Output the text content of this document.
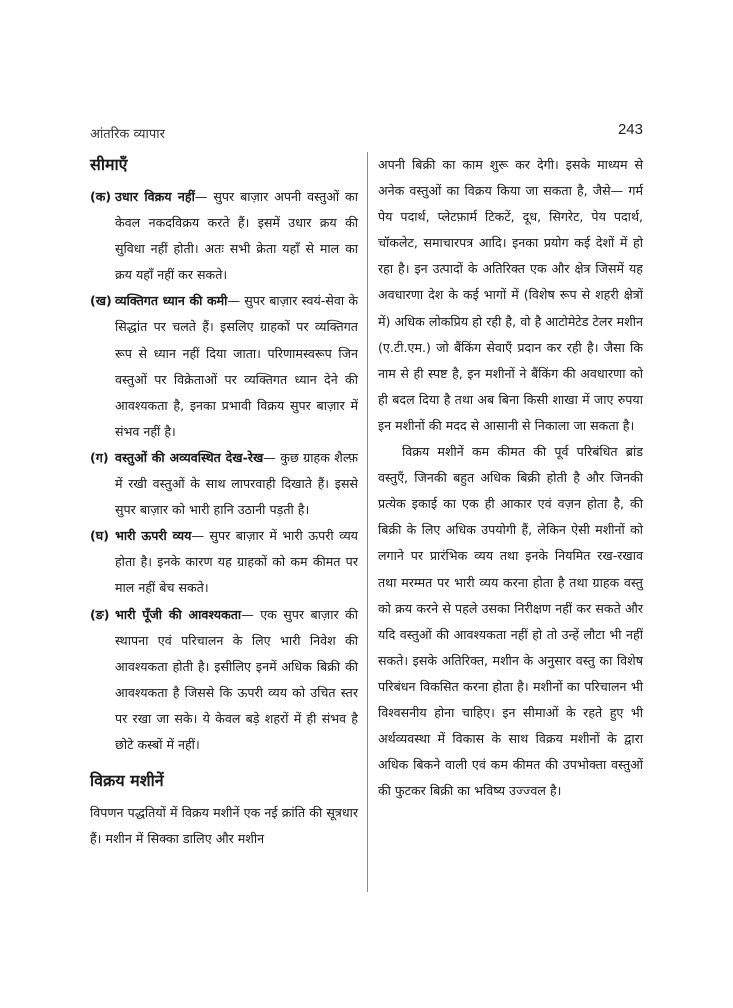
आंतरिक व्यापार	243
सीमाएँ
(क) उधार विक्रय नहीं— सुपर बाज़ार अपनी वस्तुओं का केवल नकदविक्रय करते हैं। इसमें उधार क्रय की सुविधा नहीं होती। अतः सभी क्रेता यहाँ से माल का क्रय यहाँ नहीं कर सकते।
(ख) व्यक्तिगत ध्यान की कमी— सुपर बाज़ार स्वयं-सेवा के सिद्धांत पर चलते हैं। इसलिए ग्राहकों पर व्यक्तिगत रूप से ध्यान नहीं दिया जाता। परिणामस्वरूप जिन वस्तुओं पर विक्रेताओं पर व्यक्तिगत ध्यान देने की आवश्यकता है, इनका प्रभावी विक्रय सुपर बाज़ार में संभव नहीं है।
(ग) वस्तुओं की अव्यवस्थित देख-रेख— कुछ ग्राहक शैल्फ़ में रखी वस्तुओं के साथ लापरवाही दिखाते हैं। इससे सुपर बाज़ार को भारी हानि उठानी पड़ती है।
(घ) भारी ऊपरी व्यय— सुपर बाज़ार में भारी ऊपरी व्यय होता है। इनके कारण यह ग्राहकों को कम कीमत पर माल नहीं बेच सकते।
(ङ) भारी पूँजी की आवश्यकता— एक सुपर बाज़ार की स्थापना एवं परिचालन के लिए भारी निवेश की आवश्यकता होती है। इसीलिए इनमें अधिक बिक्री की आवश्यकता है जिससे कि ऊपरी व्यय को उचित स्तर पर रखा जा सके। ये केवल बड़े शहरों में ही संभव है छोटे कस्बों में नहीं।
विक्रय मशीनें

विपणन पद्धतियों में विक्रय मशीनें एक नई क्रांति की सूत्रधार हैं। मशीन में सिक्का डालिए और मशीन

अपनी बिक्री का काम शुरू कर देगी। इसके माध्यम से अनेक वस्तुओं का विक्रय किया जा सकता है, जैसे— गर्म पेय पदार्थ, प्लेटफ़ार्म टिकटें, दूध, सिगरेट, पेय पदार्थ, चॉकलेट, समाचारपत्र आदि। इनका प्रयोग कई देशों में हो रहा है। इन उत्पादों के अतिरिक्त एक और क्षेत्र जिसमें यह अवधारणा देश के कई भागों में (विशेष रूप से शहरी क्षेत्रों में) अधिक लोकप्रिय हो रही है, वो है आटोमेटेड टेलर मशीन (ए.टी.एम.) जो बैंकिंग सेवाएँ प्रदान कर रही है। जैसा कि नाम से ही स्पष्ट है, इन मशीनों ने बैंकिंग की अवधारणा को ही बदल दिया है तथा अब बिना किसी शाखा में जाए रुपया इन मशीनों की मदद से आसानी से निकाला जा सकता है।

विक्रय मशीनें कम कीमत की पूर्व परिबंधित ब्रांड वस्तुएँ, जिनकी बहुत अधिक बिक्री होती है और जिनकी प्रत्येक इकाई का एक ही आकार एवं वज़न होता है, की बिक्री के लिए अधिक उपयोगी हैं, लेकिन ऐसी मशीनों को लगाने पर प्रारंभिक व्यय तथा इनके नियमित रख-रखाव तथा मरम्मत पर भारी व्यय करना होता है तथा ग्राहक वस्तु को क्रय करने से पहले उसका निरीक्षण नहीं कर सकते और यदि वस्तुओं की आवश्यकता नहीं हो तो उन्हें लौटा भी नहीं सकते। इसके अतिरिक्त, मशीन के अनुसार वस्तु का विशेष परिबंधन विकसित करना होता है। मशीनों का परिचालन भी विश्वसनीय होना चाहिए। इन सीमाओं के रहते हुए भी अर्थव्यवस्था में विकास के साथ विक्रय मशीनों के द्वारा अधिक बिकने वाली एवं कम कीमत की उपभोक्ता वस्तुओं की फुटकर बिक्री का भविष्य उज्ज्वल है।
